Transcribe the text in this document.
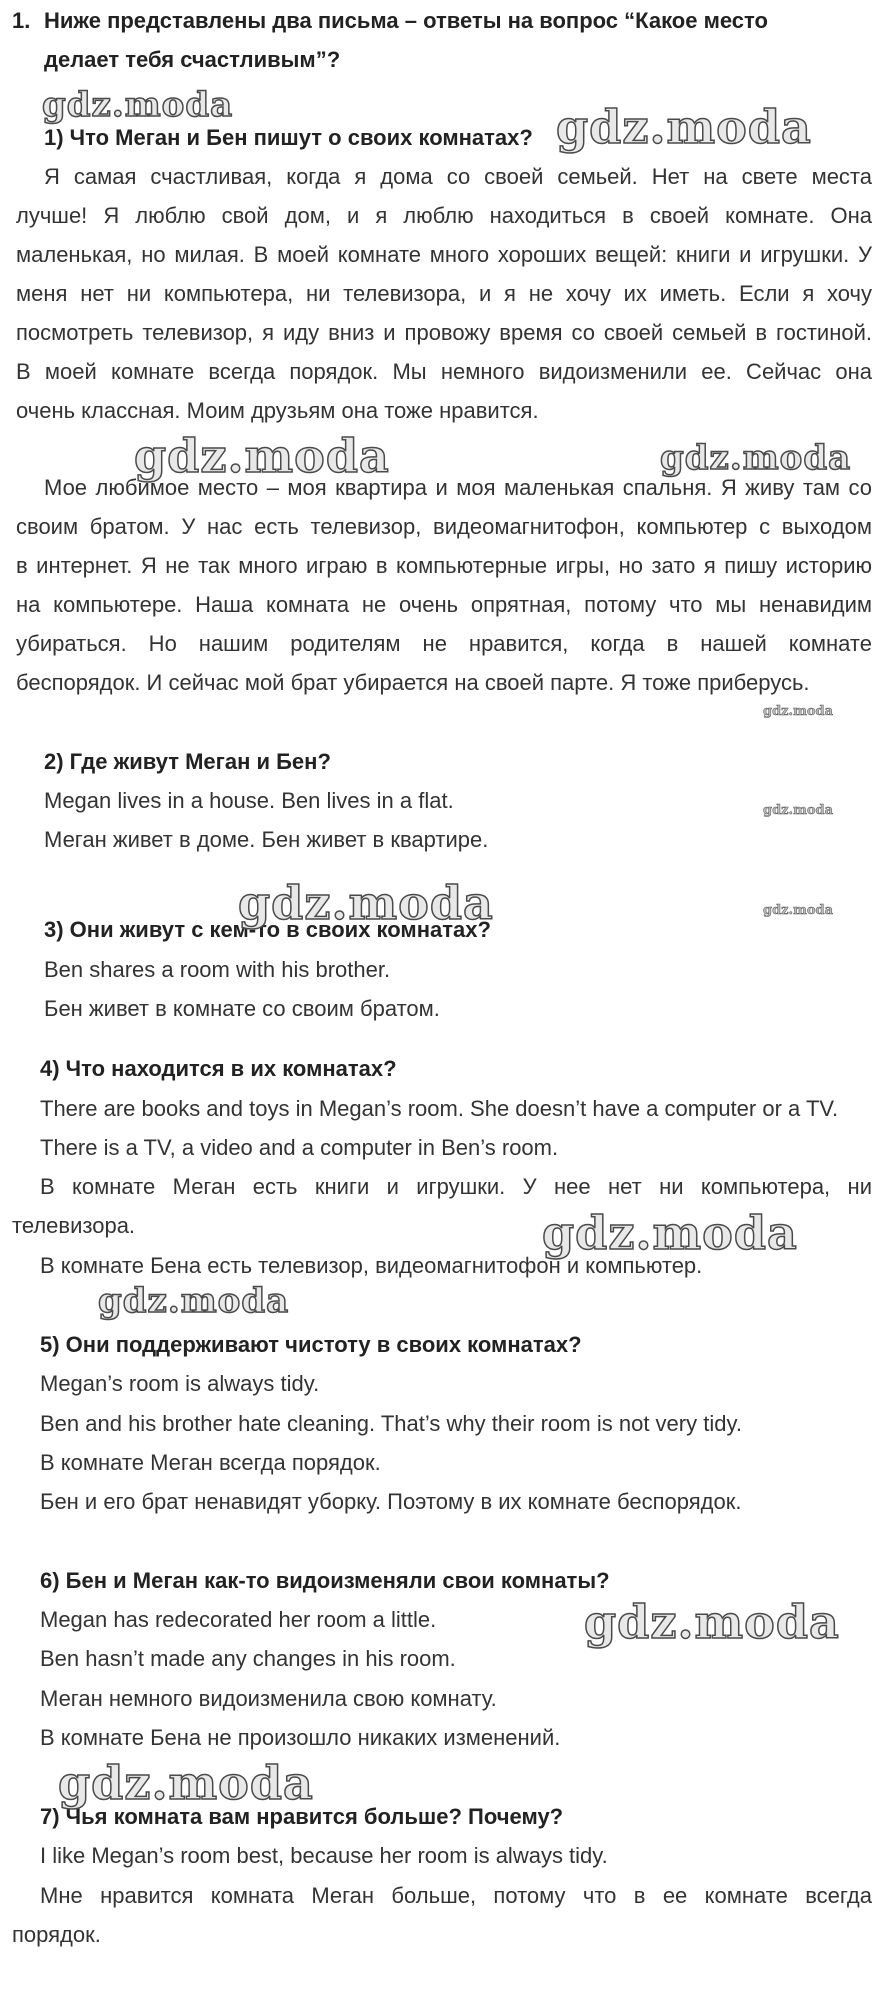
1. Ниже представлены два письма – ответы на вопрос “Какое место
делает тебя счастливым”?
1) Что Меган и Бен пишут о своих комнатах?
Я самая счастливая, когда я дома со своей семьей. Нет на свете места
лучше! Я люблю свой дом, и я люблю находиться в своей комнате. Она
маленькая, но милая. В моей комнате много хороших вещей: книги и игрушки. У
меня нет ни компьютера, ни телевизора, и я не хочу их иметь. Если я хочу
посмотреть телевизор, я иду вниз и провожу время со своей семьей в гостиной.
В моей комнате всегда порядок. Мы немного видоизменили ее. Сейчас она
очень классная. Моим друзьям она тоже нравится.
Мое любимое место – моя квартира и моя маленькая спальня. Я живу там со
своим братом. У нас есть телевизор, видеомагнитофон, компьютер с выходом
в интернет. Я не так много играю в компьютерные игры, но зато я пишу историю
на компьютере. Наша комната не очень опрятная, потому что мы ненавидим
убираться. Но нашим родителям не нравится, когда в нашей комнате
беспорядок. И сейчас мой брат убирается на своей парте. Я тоже приберусь.
2) Где живут Меган и Бен?
Megan lives in a house. Ben lives in a flat.
Меган живет в доме. Бен живет в квартире.
3) Они живут с кем-то в своих комнатах?
Ben shares a room with his brother.
Бен живет в комнате со своим братом.
4) Что находится в их комнатах?
There are books and toys in Megan’s room. She doesn’t have a computer or a TV.
There is a TV, a video and a computer in Ben’s room.
В комнате Меган есть книги и игрушки. У нее нет ни компьютера, ни
телевизора.
В комнате Бена есть телевизор, видеомагнитофон и компьютер.
5) Они поддерживают чистоту в своих комнатах?
Megan’s room is always tidy.
Ben and his brother hate cleaning. That’s why their room is not very tidy.
В комнате Меган всегда порядок.
Бен и его брат ненавидят уборку. Поэтому в их комнате беспорядок.
6) Бен и Меган как-то видоизменяли свои комнаты?
Megan has redecorated her room a little.
Ben hasn’t made any changes in his room.
Меган немного видоизменила свою комнату.
В комнате Бена не произошло никаких изменений.
7) Чья комната вам нравится больше? Почему?
I like Megan’s room best, because her room is always tidy.
Мне нравится комната Меган больше, потому что в ее комнате всегда
порядок.
gdz.moda	gdz.moda
gdz.moda	gdz.moda
gdz.moda
gdz.moda
gdz.moda	gdz.moda
gdz.moda
gdz.moda
gdz.moda
gdz.moda
